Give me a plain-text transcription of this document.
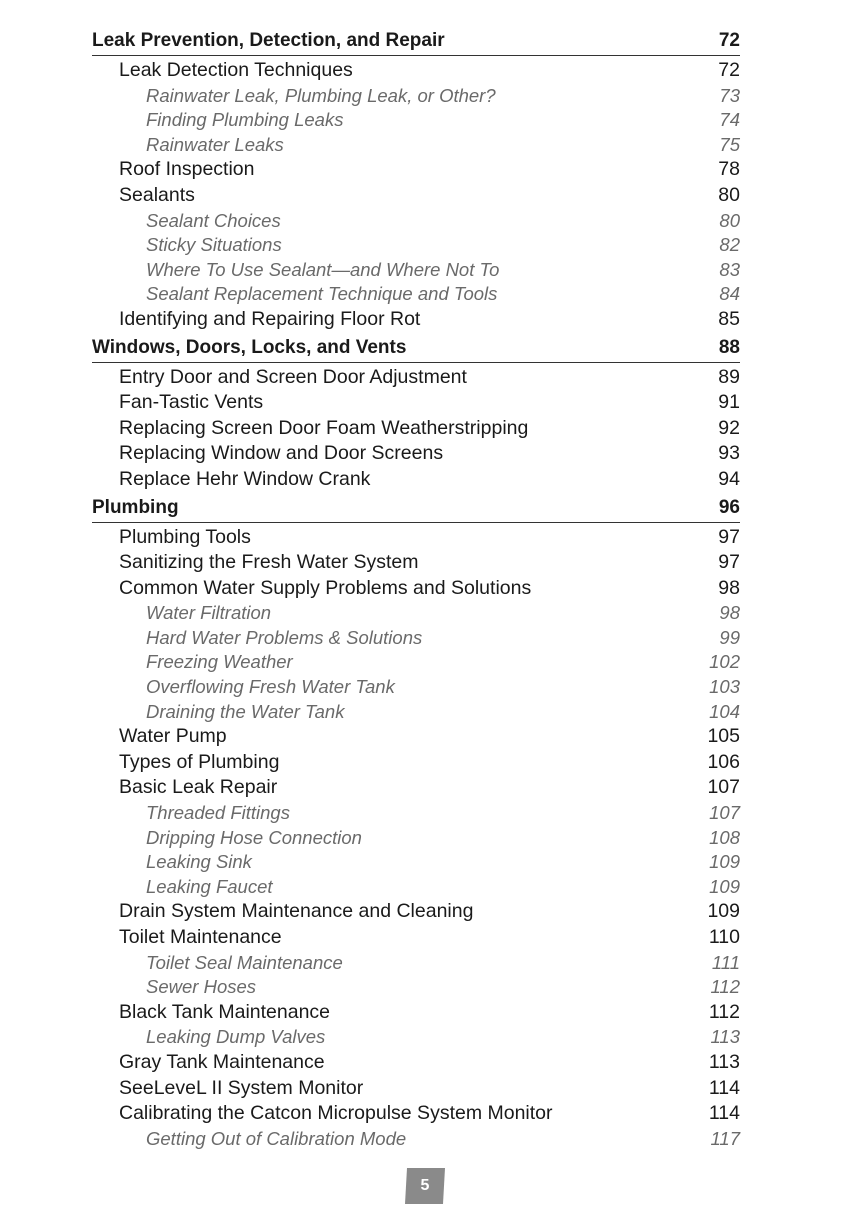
Leak Prevention, Detection, and Repair	72
Leak Detection Techniques	72
Rainwater Leak, Plumbing Leak, or Other?	73
Finding Plumbing Leaks	74
Rainwater Leaks	75
Roof Inspection	78
Sealants	80
Sealant Choices	80
Sticky Situations	82
Where To Use Sealant—and Where Not To	83
Sealant Replacement Technique and Tools	84
Identifying and Repairing Floor Rot	85
Windows, Doors, Locks, and Vents	88
Entry Door and Screen Door Adjustment	89
Fan-Tastic Vents	91
Replacing Screen Door Foam Weatherstripping	92
Replacing Window and Door Screens	93
Replace Hehr Window Crank	94
Plumbing	96
Plumbing Tools	97
Sanitizing the Fresh Water System	97
Common Water Supply Problems and Solutions	98
Water Filtration	98
Hard Water Problems & Solutions	99
Freezing Weather	102
Overflowing Fresh Water Tank	103
Draining the Water Tank	104
Water Pump	105
Types of Plumbing	106
Basic Leak Repair	107
Threaded Fittings	107
Dripping Hose Connection	108
Leaking Sink	109
Leaking Faucet	109
Drain System Maintenance and Cleaning	109
Toilet Maintenance	110
Toilet Seal Maintenance	111
Sewer Hoses	112
Black Tank Maintenance	112
Leaking Dump Valves	113
Gray Tank Maintenance	113
SeeLeveL II System Monitor	114
Calibrating the Catcon Micropulse System Monitor	114
Getting Out of Calibration Mode	117
5
